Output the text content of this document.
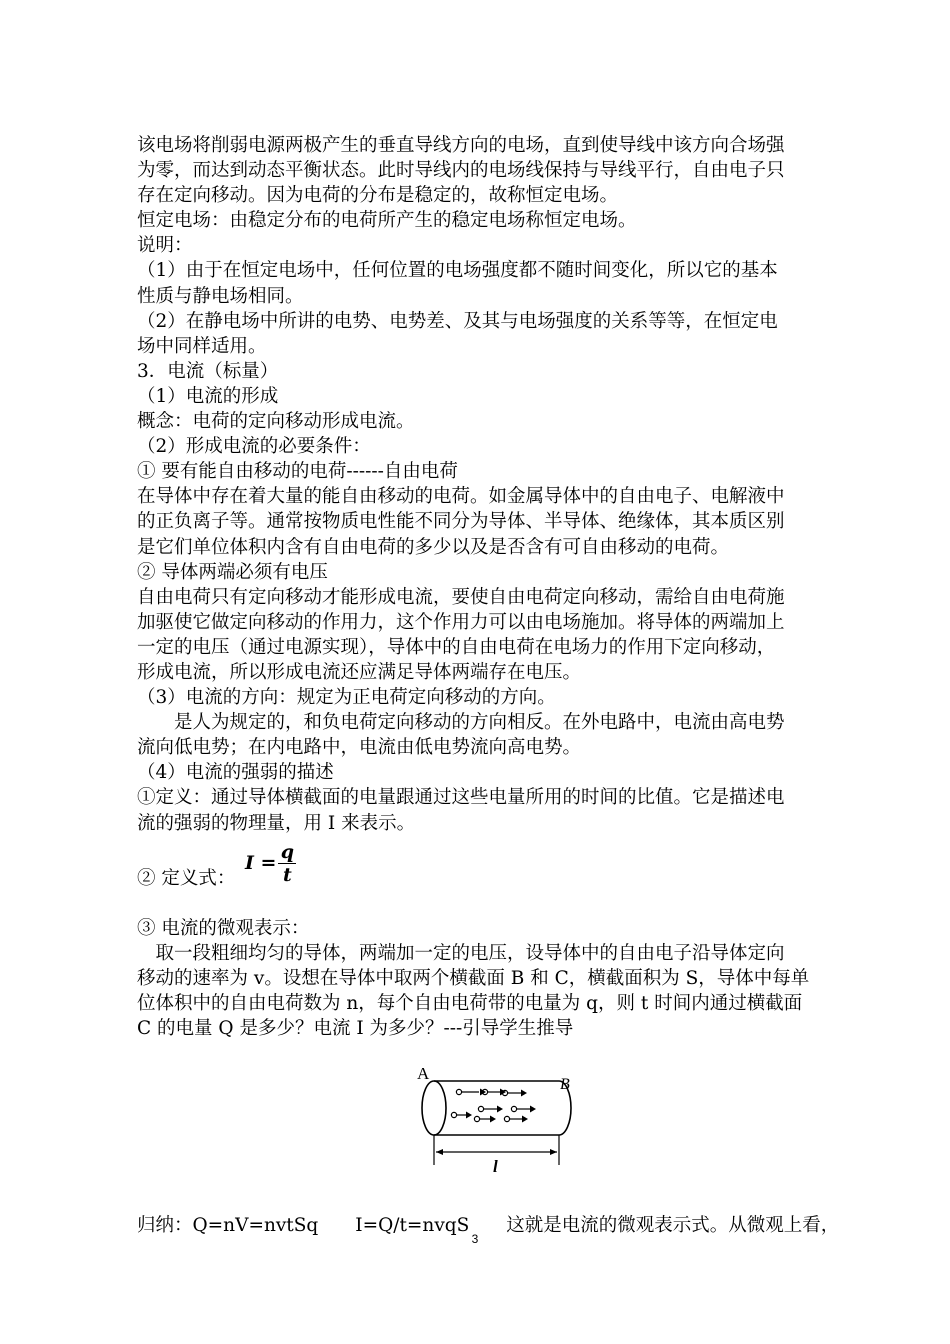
该电场将削弱电源两极产生的垂直导线方向的电场，直到使导线中该方向合场强

为零，而达到动态平衡状态。此时导线内的电场线保持与导线平行，自由电子只

存在定向移动。因为电荷的分布是稳定的，故称恒定电场。

恒定电场：由稳定分布的电荷所产生的稳定电场称恒定电场。

说明：

（1）由于在恒定电场中，任何位置的电场强度都不随时间变化，所以它的基本

性质与静电场相同。

（2）在静电场中所讲的电势、电势差、及其与电场强度的关系等等，在恒定电

场中同样适用。

3．电流（标量）

（1）电流的形成

概念：电荷的定向移动形成电流。

（2）形成电流的必要条件：

① 要有能自由移动的电荷------自由电荷

在导体中存在着大量的能自由移动的电荷。如金属导体中的自由电子、电解液中

的正负离子等。通常按物质电性能不同分为导体、半导体、绝缘体，其本质区别

是它们单位体积内含有自由电荷的多少以及是否含有可自由移动的电荷。

② 导体两端必须有电压

自由电荷只有定向移动才能形成电流，要使自由电荷定向移动，需给自由电荷施

加驱使它做定向移动的作用力，这个作用力可以由电场施加。将导体的两端加上

一定的电压（通过电源实现），导体中的自由电荷在电场力的作用下定向移动，

形成电流，所以形成电流还应满足导体两端存在电压。

（3）电流的方向：规定为正电荷定向移动的方向。

　　是人为规定的，和负电荷定向移动的方向相反。在外电路中，电流由高电势

流向低电势；在内电路中，电流由低电势流向高电势。

（4）电流的强弱的描述

①定义：通过导体横截面的电量跟通过这些电量所用的时间的比值。它是描述电

流的强弱的物理量，用 I 来表示。

② 定义式：
$I = \frac{q}{t}$

③ 电流的微观表示：

　取一段粗细均匀的导体，两端加一定的电压，设导体中的自由电子沿导体定向

移动的速率为 v。设想在导体中取两个横截面 B 和 C，横截面积为 S，导体中每单

位体积中的自由电荷数为 n，每个自由电荷带的电量为 q，则 t 时间内通过横截面

C 的电量 Q 是多少？电流 I 为多少？---引导学生推导

A
B
l

归纳：Q=nV=nvtSq　　I=Q/t=nvqS　　这就是电流的微观表示式。从微观上看，

3
